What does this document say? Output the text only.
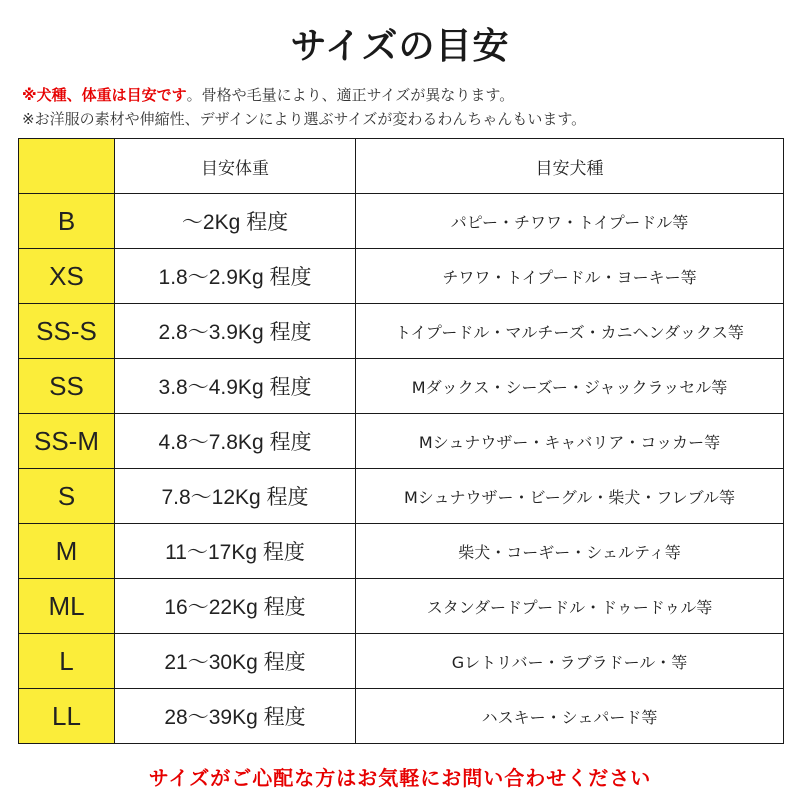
サイズの目安
※犬種、体重は目安です。骨格や毛量により、適正サイズが異なります。
※お洋服の素材や伸縮性、デザインにより選ぶサイズが変わるわんちゃんもいます。
	目安体重	目安犬種
B	～2Kg 程度	パピー・チワワ・トイプードル等
XS	1.8～2.9Kg 程度	チワワ・トイプードル・ヨーキー等
SS-S	2.8～3.9Kg 程度	トイプードル・マルチーズ・カニヘンダックス等
SS	3.8～4.9Kg 程度	Mダックス・シーズー・ジャックラッセル等
SS-M	4.8～7.8Kg 程度	Mシュナウザー・キャバリア・コッカー等
S	7.8～12Kg 程度	Mシュナウザー・ビーグル・柴犬・フレブル等
M	11～17Kg 程度	柴犬・コーギー・シェルティ等
ML	16～22Kg 程度	スタンダードプードル・ドゥードゥル等
L	21～30Kg 程度	Gレトリバー・ラブラドール・等
LL	28～39Kg 程度	ハスキー・シェパード等
サイズがご心配な方はお気軽にお問い合わせください
